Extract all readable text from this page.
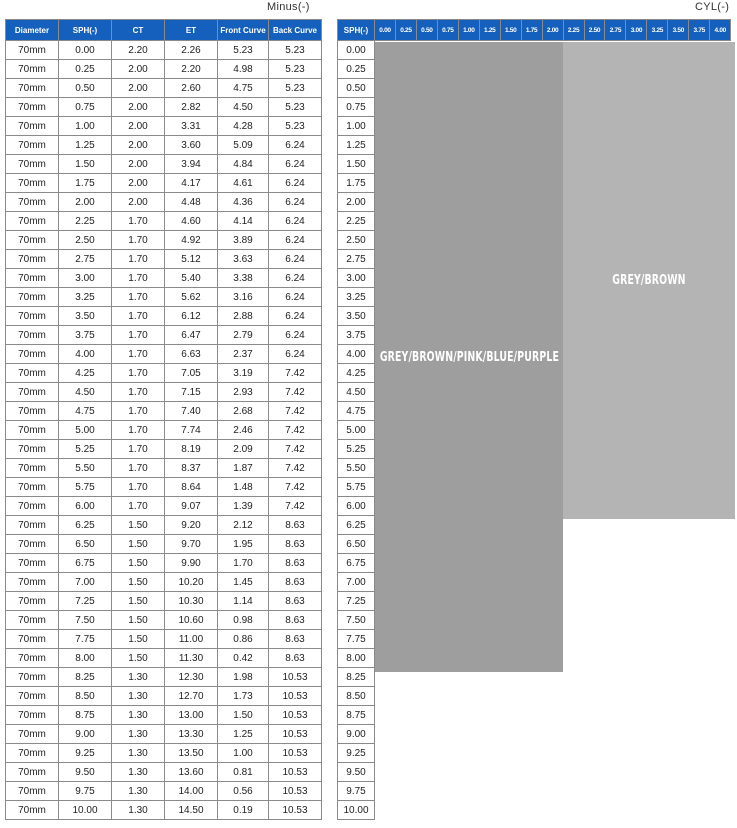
Minus(-)	CYL(-)
Diameter	SPH(-)	CT	ET	Front Curve	Back Curve
70mm	0.00	2.20	2.26	5.23	5.23
70mm	0.25	2.00	2.20	4.98	5.23
70mm	0.50	2.00	2.60	4.75	5.23
70mm	0.75	2.00	2.82	4.50	5.23
70mm	1.00	2.00	3.31	4.28	5.23
70mm	1.25	2.00	3.60	5.09	6.24
70mm	1.50	2.00	3.94	4.84	6.24
70mm	1.75	2.00	4.17	4.61	6.24
70mm	2.00	2.00	4.48	4.36	6.24
70mm	2.25	1.70	4.60	4.14	6.24
70mm	2.50	1.70	4.92	3.89	6.24
70mm	2.75	1.70	5.12	3.63	6.24
70mm	3.00	1.70	5.40	3.38	6.24
70mm	3.25	1.70	5.62	3.16	6.24
70mm	3.50	1.70	6.12	2.88	6.24
70mm	3.75	1.70	6.47	2.79	6.24
70mm	4.00	1.70	6.63	2.37	6.24
70mm	4.25	1.70	7.05	3.19	7.42
70mm	4.50	1.70	7.15	2.93	7.42
70mm	4.75	1.70	7.40	2.68	7.42
70mm	5.00	1.70	7.74	2.46	7.42
70mm	5.25	1.70	8.19	2.09	7.42
70mm	5.50	1.70	8.37	1.87	7.42
70mm	5.75	1.70	8.64	1.48	7.42
70mm	6.00	1.70	9.07	1.39	7.42
70mm	6.25	1.50	9.20	2.12	8.63
70mm	6.50	1.50	9.70	1.95	8.63
70mm	6.75	1.50	9.90	1.70	8.63
70mm	7.00	1.50	10.20	1.45	8.63
70mm	7.25	1.50	10.30	1.14	8.63
70mm	7.50	1.50	10.60	0.98	8.63
70mm	7.75	1.50	11.00	0.86	8.63
70mm	8.00	1.50	11.30	0.42	8.63
70mm	8.25	1.30	12.30	1.98	10.53
70mm	8.50	1.30	12.70	1.73	10.53
70mm	8.75	1.30	13.00	1.50	10.53
70mm	9.00	1.30	13.30	1.25	10.53
70mm	9.25	1.30	13.50	1.00	10.53
70mm	9.50	1.30	13.60	0.81	10.53
70mm	9.75	1.30	14.00	0.56	10.53
70mm	10.00	1.30	14.50	0.19	10.53
SPH(-)	0.00	0.25	0.50	0.75	1.00	1.25	1.50	1.75	2.00	2.25	2.50	2.75	3.00	3.25	3.50	3.75	4.00
0.00																	
0.25																	
0.50																	
0.75																	
1.00																	
1.25																	
1.50																	
1.75																	
2.00																	
2.25																	
2.50																	
2.75																	
3.00																	
3.25																	
3.50																	
3.75																	
4.00																	
4.25																	
4.50																	
4.75																	
5.00																	
5.25																	
5.50																	
5.75																	
6.00																	
6.25																	
6.50																	
6.75																	
7.00																	
7.25																	
7.50																	
7.75																	
8.00																	
8.25																	
8.50																	
8.75																	
9.00																	
9.25																	
9.50																	
9.75																	
10.00																	
GREY/BROWN/PINK/BLUE/PURPLE
GREY/BROWN
